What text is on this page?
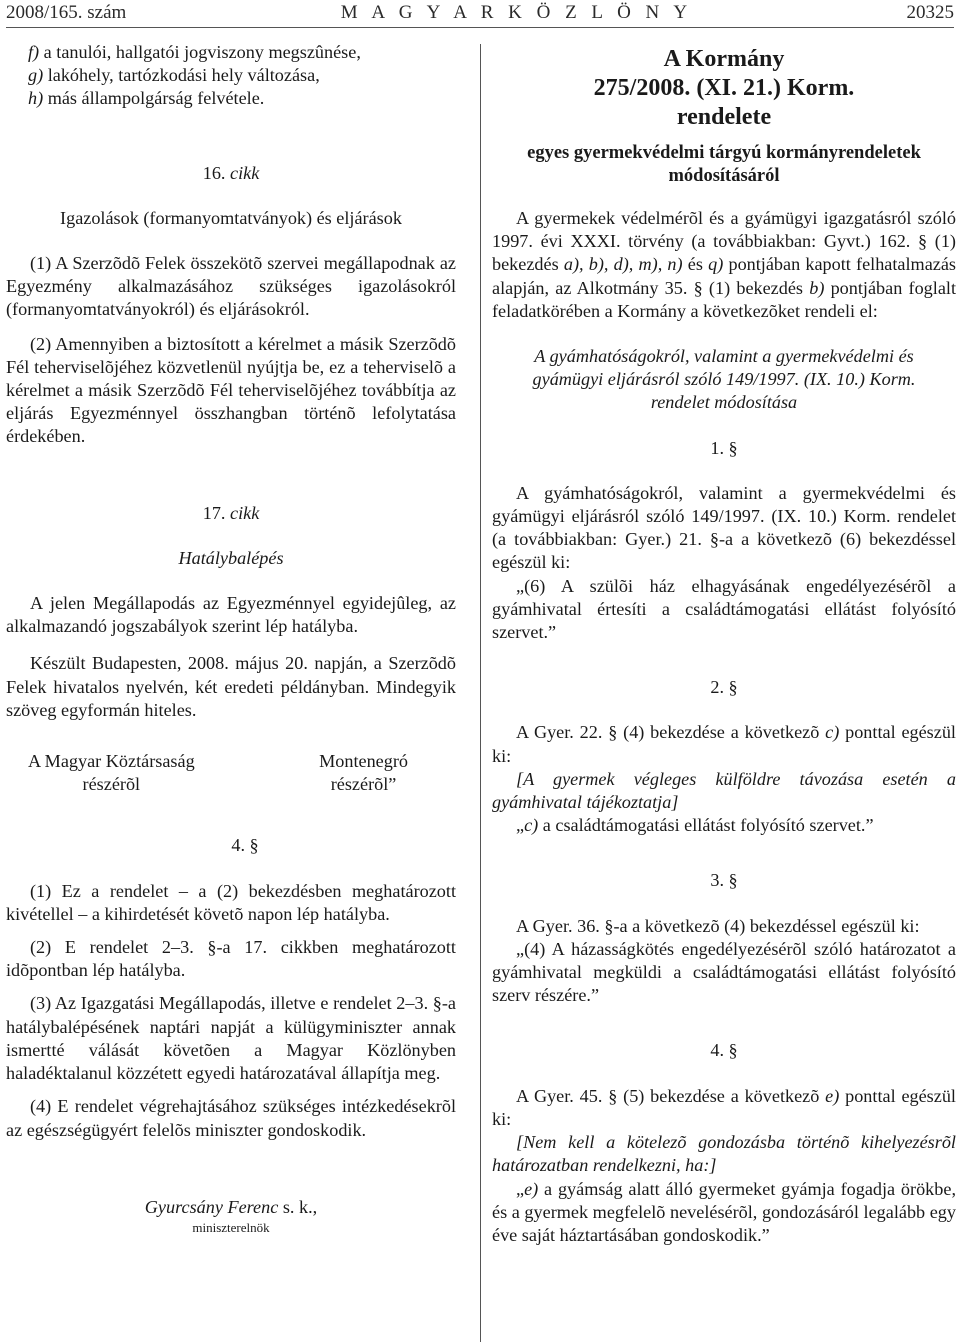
2008/165. szám	M A G Y A R K Ö Z L Ö N Y	20325
f) a tanulói, hallgatói jogviszony megszûnése,
g) lakóhely, tartózkodási hely változása,
h) más állampolgárság felvétele.

16. cikk

Igazolások (formanyomtatványok) és eljárások

(1) A Szerzõdõ Felek összekötõ szervei megállapodnak az Egyezmény alkalmazásához szükséges igazolásokról (formanyomtatványokról) és eljárásokról.

(2) Amennyiben a biztosított a kérelmet a másik Szerzõdõ Fél teherviselõjéhez közvetlenül nyújtja be, ez a teherviselõ a kérelmet a másik Szerzõdõ Fél teherviselõjéhez továbbítja az eljárás Egyezménnyel összhangban történõ lefolytatása érdekében.

17. cikk

Hatálybalépés

A jelen Megállapodás az Egyezménnyel egyidejûleg, az alkalmazandó jogszabályok szerint lép hatályba.

Készült Budapesten, 2008. május 20. napján, a Szerzõdõ Felek hivatalos nyelvén, két eredeti példányban. Mindegyik szöveg egyformán hiteles.

A Magyar Köztársaság
részérõl
Montenegró
részérõl”

4. §

(1) Ez a rendelet – a (2) bekezdésben meghatározott kivétellel – a kihirdetését követõ napon lép hatályba.

(2) E rendelet 2–3. §-a 17. cikkben meghatározott idõpontban lép hatályba.

(3) Az Igazgatási Megállapodás, illetve e rendelet 2–3. §-a hatálybalépésének naptári napját a külügyminiszter annak ismertté válását követõen a Magyar Közlönyben haladéktalanul közzétett egyedi határozatával állapítja meg.

(4) E rendelet végrehajtásához szükséges intézkedésekrõl az egészségügyért felelõs miniszter gondoskodik.

Gyurcsány Ferenc s. k.,

miniszterelnök

A Kormány
275/2008. (XI. 21.) Korm.
rendelete
egyes gyermekvédelmi tárgyú kormányrendeletek módosításáról

A gyermekek védelmérõl és a gyámügyi igazgatásról szóló 1997. évi XXXI. törvény (a továbbiakban: Gyvt.) 162. § (1) bekezdés a), b), d), m), n) és q) pontjában kapott felhatalmazás alapján, az Alkotmány 35. § (1) bekezdés b) pontjában foglalt feladatkörében a Kormány a következõket rendeli el:

A gyámhatóságokról, valamint a gyermekvédelmi és gyámügyi eljárásról szóló 149/1997. (IX. 10.) Korm. rendelet módosítása

1. §

A gyámhatóságokról, valamint a gyermekvédelmi és gyámügyi eljárásról szóló 149/1997. (IX. 10.) Korm. rendelet (a továbbiakban: Gyer.) 21. §-a a következõ (6) bekezdéssel egészül ki:

„(6) A szülõi ház elhagyásának engedélyezésérõl a gyámhivatal értesíti a családtámogatási ellátást folyósító szervet.”

2. §

A Gyer. 22. § (4) bekezdése a következõ c) ponttal egészül ki:

[A gyermek végleges külföldre távozása esetén a gyámhivatal tájékoztatja]

„c) a családtámogatási ellátást folyósító szervet.”

3. §

A Gyer. 36. §-a a következõ (4) bekezdéssel egészül ki:

„(4) A házasságkötés engedélyezésérõl szóló határozatot a gyámhivatal megküldi a családtámogatási ellátást folyósító szerv részére.”

4. §

A Gyer. 45. § (5) bekezdése a következõ e) ponttal egészül ki:

[Nem kell a kötelezõ gondozásba történõ kihelyezésrõl határozatban rendelkezni, ha:]

„e) a gyámság alatt álló gyermeket gyámja fogadja örökbe, és a gyermek megfelelõ nevelésérõl, gondozásáról legalább egy éve saját háztartásában gondoskodik.”
